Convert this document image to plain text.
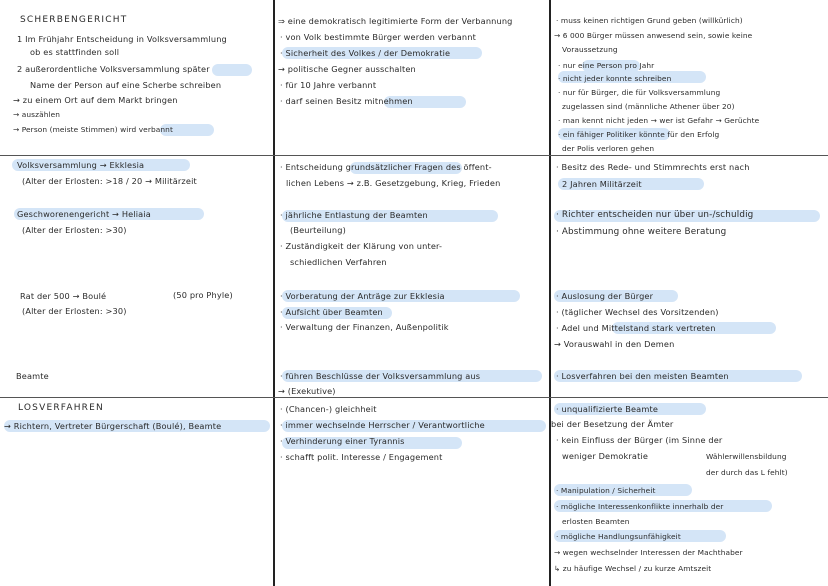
SCHERBENGERICHT
1 Im Frühjahr Entscheidung in Volksversammlung
ob es stattfinden soll
2 außerordentliche Volksversammlung später
Name der Person auf eine Scherbe schreiben
→ zu einem Ort auf dem Markt bringen
→ auszählen
→ Person (meiste Stimmen) wird verbannt
Volksversammlung → Ekklesia
(Alter der Erlosten: >18 / 20 → Militärzeit
Geschworenengericht → Heliaia
(Alter der Erlosten: >30)
Rat der 500 → Boulé	(50 pro Phyle)
(Alter der Erlosten: >30)
Beamte
LOSVERFAHREN
→ Richtern, Vertreter Bürgerschaft (Boulé), Beamte
⇒ eine demokratisch legitimierte Form der Verbannung
· von Volk bestimmte Bürger werden verbannt
· Sicherheit des Volkes / der Demokratie
→ politische Gegner ausschalten
· für 10 Jahre verbannt
· darf seinen Besitz mitnehmen
· Entscheidung grundsätzlicher Fragen des öffent-
lichen Lebens → z.B. Gesetzgebung, Krieg, Frieden
· jährliche Entlastung der Beamten
(Beurteilung)
· Zuständigkeit der Klärung von unter-
schiedlichen Verfahren
· Vorberatung der Anträge zur Ekklesia
· Aufsicht über Beamten
· Verwaltung der Finanzen, Außenpolitik
· führen Beschlüsse der Volksversammlung aus
→ (Exekutive)
· (Chancen-) gleichheit
· immer wechselnde Herrscher / Verantwortliche
· Verhinderung einer Tyrannis
· schafft polit. Interesse / Engagement
· muss keinen richtigen Grund geben (willkürlich)
→ 6 000 Bürger müssen anwesend sein, sowie keine
Voraussetzung
· nur eine Person pro Jahr
· nicht jeder konnte schreiben
· nur für Bürger, die für Volksversammlung
zugelassen sind (männliche Athener über 20)
· man kennt nicht jeden → wer ist Gefahr → Gerüchte
· ein fähiger Politiker könnte für den Erfolg
der Polis verloren gehen
· Besitz des Rede- und Stimmrechts erst nach
2 Jahren Militärzeit
· Richter entscheiden nur über un-/schuldig
· Abstimmung ohne weitere Beratung
· Auslosung der Bürger
· (täglicher Wechsel des Vorsitzenden)
· Adel und Mittelstand stark vertreten
→ Vorauswahl in den Demen
· Losverfahren bei den meisten Beamten
· unqualifizierte Beamte
bei der Besetzung der Ämter
· kein Einfluss der Bürger (im Sinne der
weniger Demokratie	Wählerwillensbildung
der durch das L fehlt)
· Manipulation / Sicherheit
· mögliche Interessenkonflikte innerhalb der
erlosten Beamten
· mögliche Handlungsunfähigkeit
→ wegen wechselnder Interessen der Machthaber
↳ zu häufige Wechsel / zu kurze Amtszeit
